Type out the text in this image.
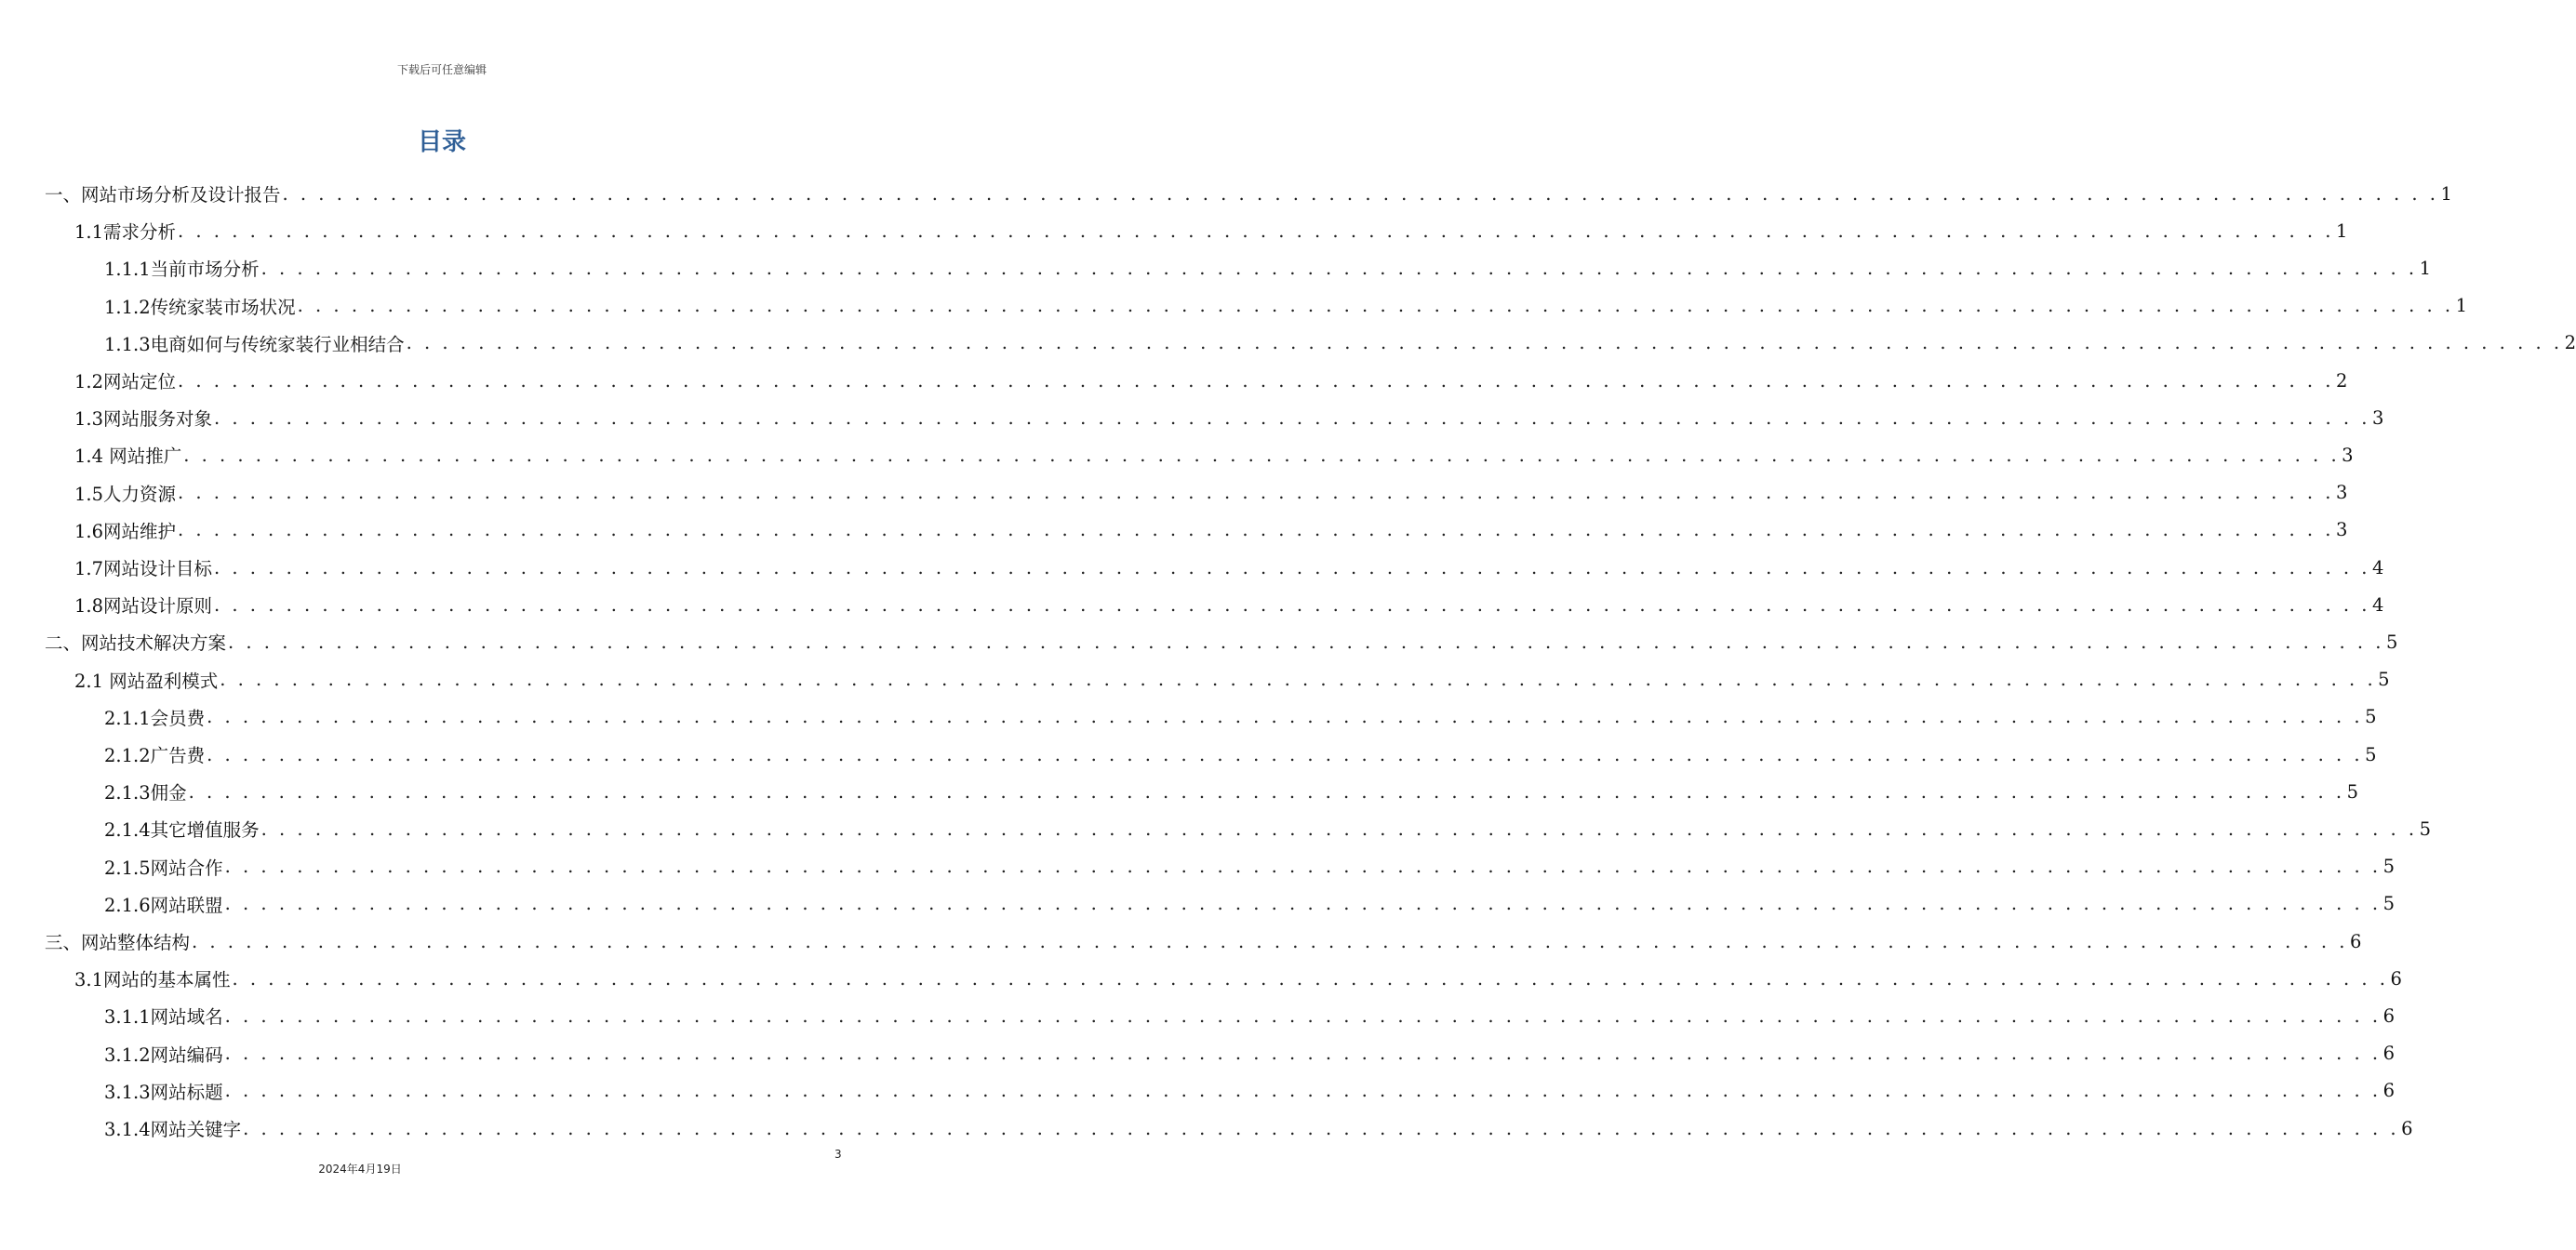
下载后可任意编辑
目录
一、网站市场分析及设计报告 . . . . . . . . . . . . . . . . . . . . . . . . . . . . . . . . . . . . . . . . . . . . . . . . . . . . . . . . . . . . . . . . . . . . . . . . . . . . . . . . . . . . . . . . . . . . . . . . . . . . . . . . . . . . . . . . . . . . . . . . 1
1.1需求分析 . . . . . . . . . . . . . . . . . . . . . . . . . . . . . . . . . . . . . . . . . . . . . . . . . . . . . . . . . . . . . . . . . . . . . . . . . . . . . . . . . . . . . . . . . . . . . . . . . . . . . . . . . . . . . . . . . . . . . . . . 1
1.1.1当前市场分析 . . . . . . . . . . . . . . . . . . . . . . . . . . . . . . . . . . . . . . . . . . . . . . . . . . . . . . . . . . . . . . . . . . . . . . . . . . . . . . . . . . . . . . . . . . . . . . . . . . . . . . . . . . . . . . . . . . . . . . . . 1
1.1.2传统家装市场状况 . . . . . . . . . . . . . . . . . . . . . . . . . . . . . . . . . . . . . . . . . . . . . . . . . . . . . . . . . . . . . . . . . . . . . . . . . . . . . . . . . . . . . . . . . . . . . . . . . . . . . . . . . . . . . . . . . . . . . . . . 1
1.1.3电商如何与传统家装行业相结合 . . . . . . . . . . . . . . . . . . . . . . . . . . . . . . . . . . . . . . . . . . . . . . . . . . . . . . . . . . . . . . . . . . . . . . . . . . . . . . . . . . . . . . . . . . . . . . . . . . . . . . . . . . . . . . . . . . . . . . . . 2
1.2网站定位 . . . . . . . . . . . . . . . . . . . . . . . . . . . . . . . . . . . . . . . . . . . . . . . . . . . . . . . . . . . . . . . . . . . . . . . . . . . . . . . . . . . . . . . . . . . . . . . . . . . . . . . . . . . . . . . . . . . . . . . . 2
1.3网站服务对象 . . . . . . . . . . . . . . . . . . . . . . . . . . . . . . . . . . . . . . . . . . . . . . . . . . . . . . . . . . . . . . . . . . . . . . . . . . . . . . . . . . . . . . . . . . . . . . . . . . . . . . . . . . . . . . . . . . . . . . . . 3
1.4 网站推广 . . . . . . . . . . . . . . . . . . . . . . . . . . . . . . . . . . . . . . . . . . . . . . . . . . . . . . . . . . . . . . . . . . . . . . . . . . . . . . . . . . . . . . . . . . . . . . . . . . . . . . . . . . . . . . . . . . . . . . . . 3
1.5人力资源 . . . . . . . . . . . . . . . . . . . . . . . . . . . . . . . . . . . . . . . . . . . . . . . . . . . . . . . . . . . . . . . . . . . . . . . . . . . . . . . . . . . . . . . . . . . . . . . . . . . . . . . . . . . . . . . . . . . . . . . . 3
1.6网站维护 . . . . . . . . . . . . . . . . . . . . . . . . . . . . . . . . . . . . . . . . . . . . . . . . . . . . . . . . . . . . . . . . . . . . . . . . . . . . . . . . . . . . . . . . . . . . . . . . . . . . . . . . . . . . . . . . . . . . . . . . 3
1.7网站设计目标 . . . . . . . . . . . . . . . . . . . . . . . . . . . . . . . . . . . . . . . . . . . . . . . . . . . . . . . . . . . . . . . . . . . . . . . . . . . . . . . . . . . . . . . . . . . . . . . . . . . . . . . . . . . . . . . . . . . . . . . . 4
1.8网站设计原则 . . . . . . . . . . . . . . . . . . . . . . . . . . . . . . . . . . . . . . . . . . . . . . . . . . . . . . . . . . . . . . . . . . . . . . . . . . . . . . . . . . . . . . . . . . . . . . . . . . . . . . . . . . . . . . . . . . . . . . . . 4
二、网站技术解决方案 . . . . . . . . . . . . . . . . . . . . . . . . . . . . . . . . . . . . . . . . . . . . . . . . . . . . . . . . . . . . . . . . . . . . . . . . . . . . . . . . . . . . . . . . . . . . . . . . . . . . . . . . . . . . . . . . . . . . . . . . 5
2.1 网站盈利模式 . . . . . . . . . . . . . . . . . . . . . . . . . . . . . . . . . . . . . . . . . . . . . . . . . . . . . . . . . . . . . . . . . . . . . . . . . . . . . . . . . . . . . . . . . . . . . . . . . . . . . . . . . . . . . . . . . . . . . . . . 5
2.1.1会员费 . . . . . . . . . . . . . . . . . . . . . . . . . . . . . . . . . . . . . . . . . . . . . . . . . . . . . . . . . . . . . . . . . . . . . . . . . . . . . . . . . . . . . . . . . . . . . . . . . . . . . . . . . . . . . . . . . . . . . . . . 5
2.1.2广告费 . . . . . . . . . . . . . . . . . . . . . . . . . . . . . . . . . . . . . . . . . . . . . . . . . . . . . . . . . . . . . . . . . . . . . . . . . . . . . . . . . . . . . . . . . . . . . . . . . . . . . . . . . . . . . . . . . . . . . . . . 5
2.1.3佣金 . . . . . . . . . . . . . . . . . . . . . . . . . . . . . . . . . . . . . . . . . . . . . . . . . . . . . . . . . . . . . . . . . . . . . . . . . . . . . . . . . . . . . . . . . . . . . . . . . . . . . . . . . . . . . . . . . . . . . . . . 5
2.1.4其它增值服务 . . . . . . . . . . . . . . . . . . . . . . . . . . . . . . . . . . . . . . . . . . . . . . . . . . . . . . . . . . . . . . . . . . . . . . . . . . . . . . . . . . . . . . . . . . . . . . . . . . . . . . . . . . . . . . . . . . . . . . . . 5
2.1.5网站合作 . . . . . . . . . . . . . . . . . . . . . . . . . . . . . . . . . . . . . . . . . . . . . . . . . . . . . . . . . . . . . . . . . . . . . . . . . . . . . . . . . . . . . . . . . . . . . . . . . . . . . . . . . . . . . . . . . . . . . . . . 5
2.1.6网站联盟 . . . . . . . . . . . . . . . . . . . . . . . . . . . . . . . . . . . . . . . . . . . . . . . . . . . . . . . . . . . . . . . . . . . . . . . . . . . . . . . . . . . . . . . . . . . . . . . . . . . . . . . . . . . . . . . . . . . . . . . . 5
三、网站整体结构 . . . . . . . . . . . . . . . . . . . . . . . . . . . . . . . . . . . . . . . . . . . . . . . . . . . . . . . . . . . . . . . . . . . . . . . . . . . . . . . . . . . . . . . . . . . . . . . . . . . . . . . . . . . . . . . . . . . . . . . . 6
3.1网站的基本属性 . . . . . . . . . . . . . . . . . . . . . . . . . . . . . . . . . . . . . . . . . . . . . . . . . . . . . . . . . . . . . . . . . . . . . . . . . . . . . . . . . . . . . . . . . . . . . . . . . . . . . . . . . . . . . . . . . . . . . . . . 6
3.1.1网站域名 . . . . . . . . . . . . . . . . . . . . . . . . . . . . . . . . . . . . . . . . . . . . . . . . . . . . . . . . . . . . . . . . . . . . . . . . . . . . . . . . . . . . . . . . . . . . . . . . . . . . . . . . . . . . . . . . . . . . . . . . 6
3.1.2网站编码 . . . . . . . . . . . . . . . . . . . . . . . . . . . . . . . . . . . . . . . . . . . . . . . . . . . . . . . . . . . . . . . . . . . . . . . . . . . . . . . . . . . . . . . . . . . . . . . . . . . . . . . . . . . . . . . . . . . . . . . . 6
3.1.3网站标题 . . . . . . . . . . . . . . . . . . . . . . . . . . . . . . . . . . . . . . . . . . . . . . . . . . . . . . . . . . . . . . . . . . . . . . . . . . . . . . . . . . . . . . . . . . . . . . . . . . . . . . . . . . . . . . . . . . . . . . . . 6
3.1.4网站关键字 . . . . . . . . . . . . . . . . . . . . . . . . . . . . . . . . . . . . . . . . . . . . . . . . . . . . . . . . . . . . . . . . . . . . . . . . . . . . . . . . . . . . . . . . . . . . . . . . . . . . . . . . . . . . . . . . . . . . . . . . 6
3
2024年4月19日
